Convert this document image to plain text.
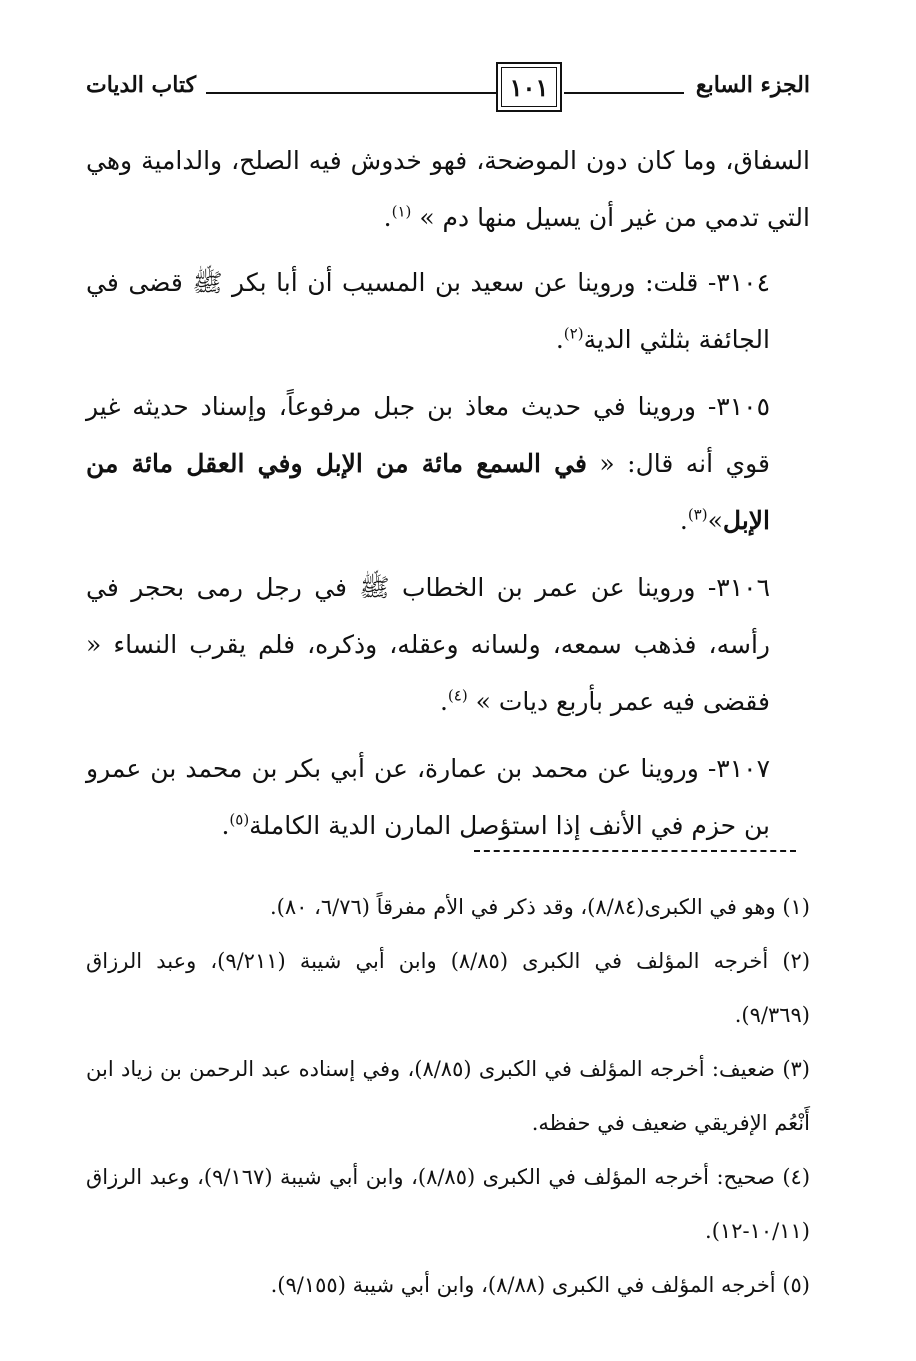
كتاب الديات	١٠١	الجزء السابع

السفاق، وما كان دون الموضحة، فهو خدوش فيه الصلح، والدامية وهي التي تدمي من غير أن يسيل منها دم » $^{(١)}$.

٣١٠٤- قلت: وروينا عن سعيد بن المسيب أن أبا بكر ﷺ قضى في الجائفة بثلثي الدية$^{(٢)}$.

٣١٠٥- وروينا في حديث معاذ بن جبل مرفوعاً، وإسناد حديثه غير قوي أنه قال: « في السمع مائة من الإبل وفي العقل مائة من الإبل»$^{(٣)}$.

٣١٠٦- وروينا عن عمر بن الخطاب ﷺ في رجل رمى بحجر في رأسه، فذهب سمعه، ولسانه وعقله، وذكره، فلم يقرب النساء « فقضى فيه عمر بأربع ديات » $^{(٤)}$.

٣١٠٧- وروينا عن محمد بن عمارة، عن أبي بكر بن محمد بن عمرو بن حزم في الأنف إذا استؤصل المارن الدية الكاملة$^{(٥)}$.

(١) وهو في الكبرى(٨/٨٤)، وقد ذكر في الأم مفرقاً (٦/٧٦، ٨٠).

(٢) أخرجه المؤلف في الكبرى (٨/٨٥) وابن أبي شيبة (٩/٢١١)، وعبد الرزاق (٩/٣٦٩).

(٣) ضعيف: أخرجه المؤلف في الكبرى (٨/٨٥)، وفي إسناده عبد الرحمن بن زياد ابن أَنْعُم الإفريقي ضعيف في حفظه.

(٤) صحيح: أخرجه المؤلف في الكبرى (٨/٨٥)، وابن أبي شيبة (٩/١٦٧)، وعبد الرزاق (١٠/١١-١٢).

(٥) أخرجه المؤلف في الكبرى (٨/٨٨)، وابن أبي شيبة (٩/١٥٥).
